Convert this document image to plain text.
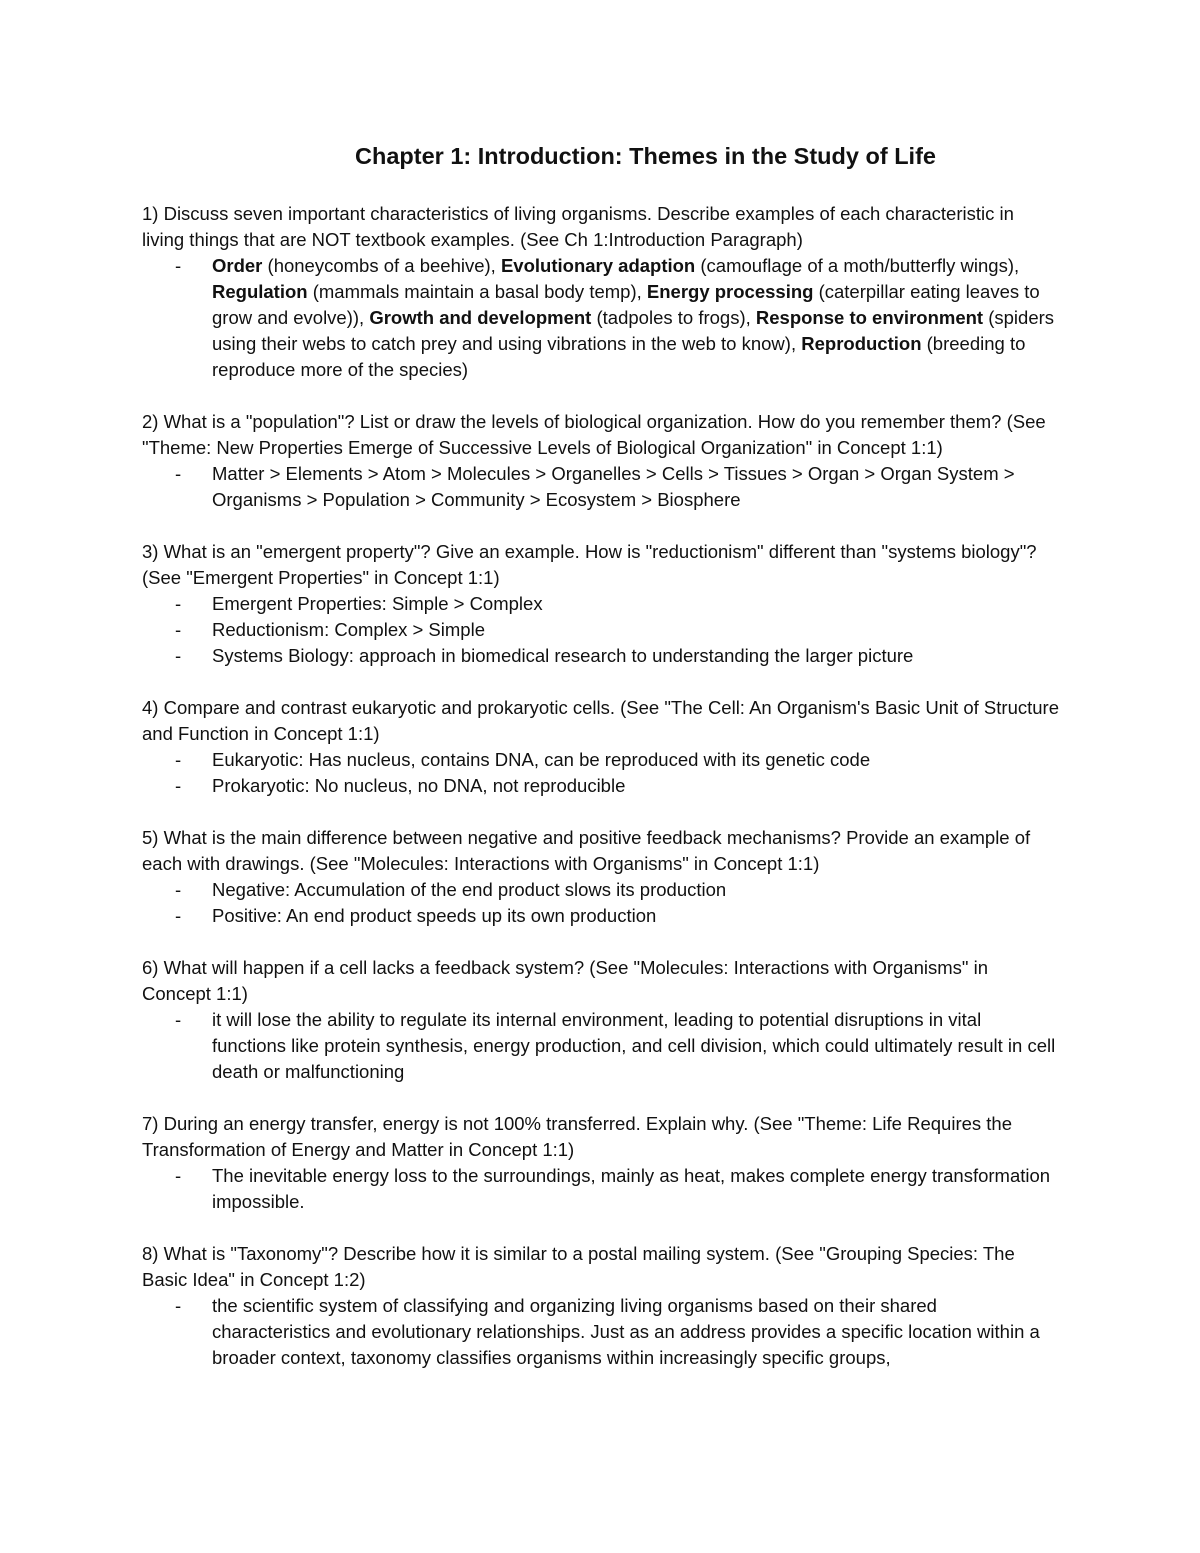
Chapter 1: Introduction: Themes in the Study of Life

1) Discuss seven important characteristics of living organisms. Describe examples of each characteristic in living things that are NOT textbook examples. (See Ch 1:Introduction Paragraph)

- Order (honeycombs of a beehive), Evolutionary adaption (camouflage of a moth/butterfly wings), Regulation (mammals maintain a basal body temp), Energy processing (caterpillar eating leaves to grow and evolve)), Growth and development (tadpoles to frogs), Response to environment (spiders using their webs to catch prey and using vibrations in the web to know), Reproduction (breeding to reproduce more of the species)

2) What is a "population"? List or draw the levels of biological organization. How do you remember them? (See "Theme: New Properties Emerge of Successive Levels of Biological Organization" in Concept 1:1)

- Matter > Elements > Atom > Molecules > Organelles > Cells > Tissues > Organ > Organ System > Organisms > Population > Community > Ecosystem > Biosphere

3) What is an "emergent property"? Give an example. How is "reductionism" different than "systems biology"? (See "Emergent Properties" in Concept 1:1)

- Emergent Properties: Simple > Complex
- Reductionism: Complex > Simple
- Systems Biology: approach in biomedical research to understanding the larger picture

4) Compare and contrast eukaryotic and prokaryotic cells. (See "The Cell: An Organism's Basic Unit of Structure and Function in Concept 1:1)

- Eukaryotic: Has nucleus, contains DNA, can be reproduced with its genetic code
- Prokaryotic: No nucleus, no DNA, not reproducible

5) What is the main difference between negative and positive feedback mechanisms? Provide an example of each with drawings. (See "Molecules: Interactions with Organisms" in Concept 1:1)

- Negative: Accumulation of the end product slows its production
- Positive: An end product speeds up its own production

6) What will happen if a cell lacks a feedback system? (See "Molecules: Interactions with Organisms" in Concept 1:1)

- it will lose the ability to regulate its internal environment, leading to potential disruptions in vital functions like protein synthesis, energy production, and cell division, which could ultimately result in cell death or malfunctioning

7) During an energy transfer, energy is not 100% transferred. Explain why. (See "Theme: Life Requires the Transformation of Energy and Matter in Concept 1:1)

- The inevitable energy loss to the surroundings, mainly as heat, makes complete energy transformation impossible.

8) What is "Taxonomy"? Describe how it is similar to a postal mailing system. (See "Grouping Species: The Basic Idea" in Concept 1:2)

- the scientific system of classifying and organizing living organisms based on their shared characteristics and evolutionary relationships. Just as an address provides a specific location within a broader context, taxonomy classifies organisms within increasingly specific groups,
